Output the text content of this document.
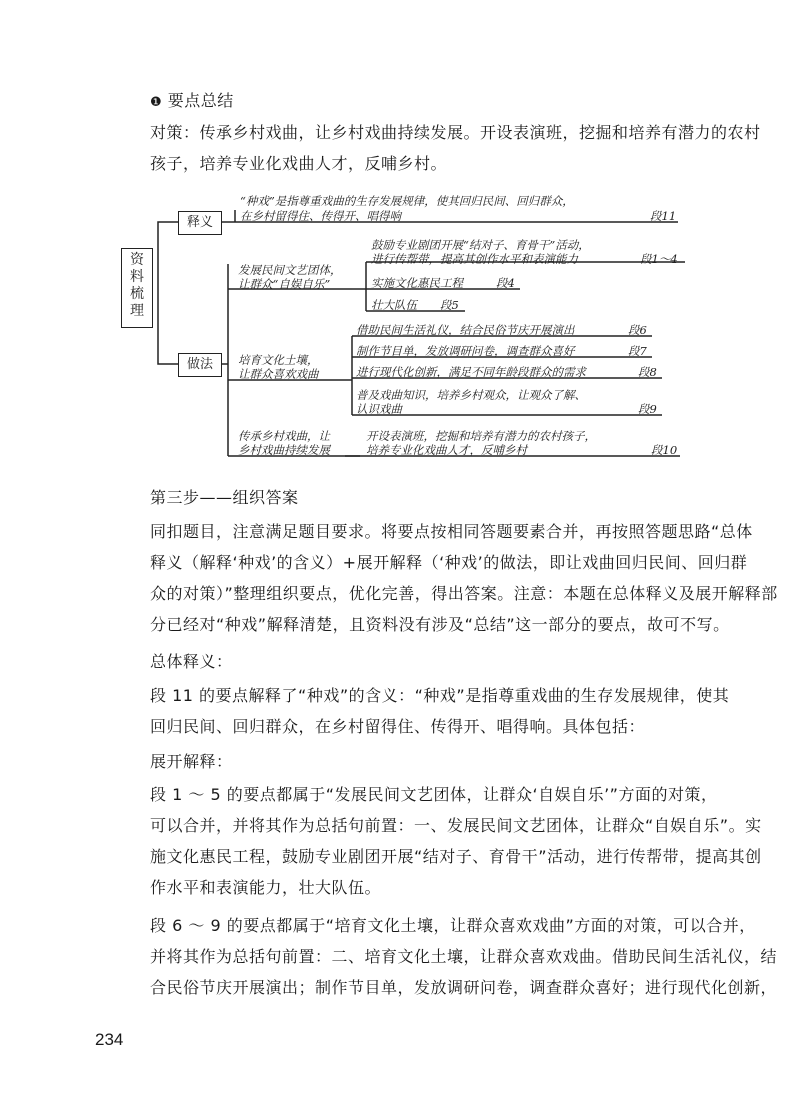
❶ 要点总结
对策：传承乡村戏曲，让乡村戏曲持续发展。开设表演班，挖掘和培养有潜力的农村
孩子，培养专业化戏曲人才，反哺乡村。
资
料
梳
理
释义
“种戏”是指尊重戏曲的生存发展规律，使其回归民间、回归群众，
在乡村留得住、传得开、唱得响	段11
做法
发展民间文艺团体，
让群众“自娱自乐”
鼓励专业剧团开展“结对子、育骨干”活动，
进行传帮带，提高其创作水平和表演能力	段1～4
实施文化惠民工程	段4
壮大队伍 段5
培育文化土壤，
让群众喜欢戏曲
借助民间生活礼仪，结合民俗节庆开展演出	段6
制作节目单，发放调研问卷，调查群众喜好	段7
进行现代化创新，满足不同年龄段群众的需求	段8
普及戏曲知识，培养乡村观众，让观众了解、
认识戏曲	段9
传承乡村戏曲，让
乡村戏曲持续发展
开设表演班，挖掘和培养有潜力的农村孩子，
培养专业化戏曲人才，反哺乡村	段10
第三步——组织答案
同扣题目，注意满足题目要求。将要点按相同答题要素合并，再按照答题思路“总体
释义（解释‘种戏’的含义）+展开解释（‘种戏’的做法，即让戏曲回归民间、回归群
众的对策）”整理组织要点，优化完善，得出答案。注意：本题在总体释义及展开解释部
分已经对“种戏”解释清楚，且资料没有涉及“总结”这一部分的要点，故可不写。
总体释义：
段 11 的要点解释了“种戏”的含义：“种戏”是指尊重戏曲的生存发展规律，使其
回归民间、回归群众，在乡村留得住、传得开、唱得响。具体包括：
展开解释：
段 1 ～ 5 的要点都属于“发展民间文艺团体，让群众‘自娱自乐’”方面的对策，
可以合并，并将其作为总括句前置：一、发展民间文艺团体，让群众“自娱自乐”。实
施文化惠民工程，鼓励专业剧团开展“结对子、育骨干”活动，进行传帮带，提高其创
作水平和表演能力，壮大队伍。
段 6 ～ 9 的要点都属于“培育文化土壤，让群众喜欢戏曲”方面的对策，可以合并，
并将其作为总括句前置：二、培育文化土壤，让群众喜欢戏曲。借助民间生活礼仪，结
合民俗节庆开展演出；制作节目单，发放调研问卷，调查群众喜好；进行现代化创新，
234
